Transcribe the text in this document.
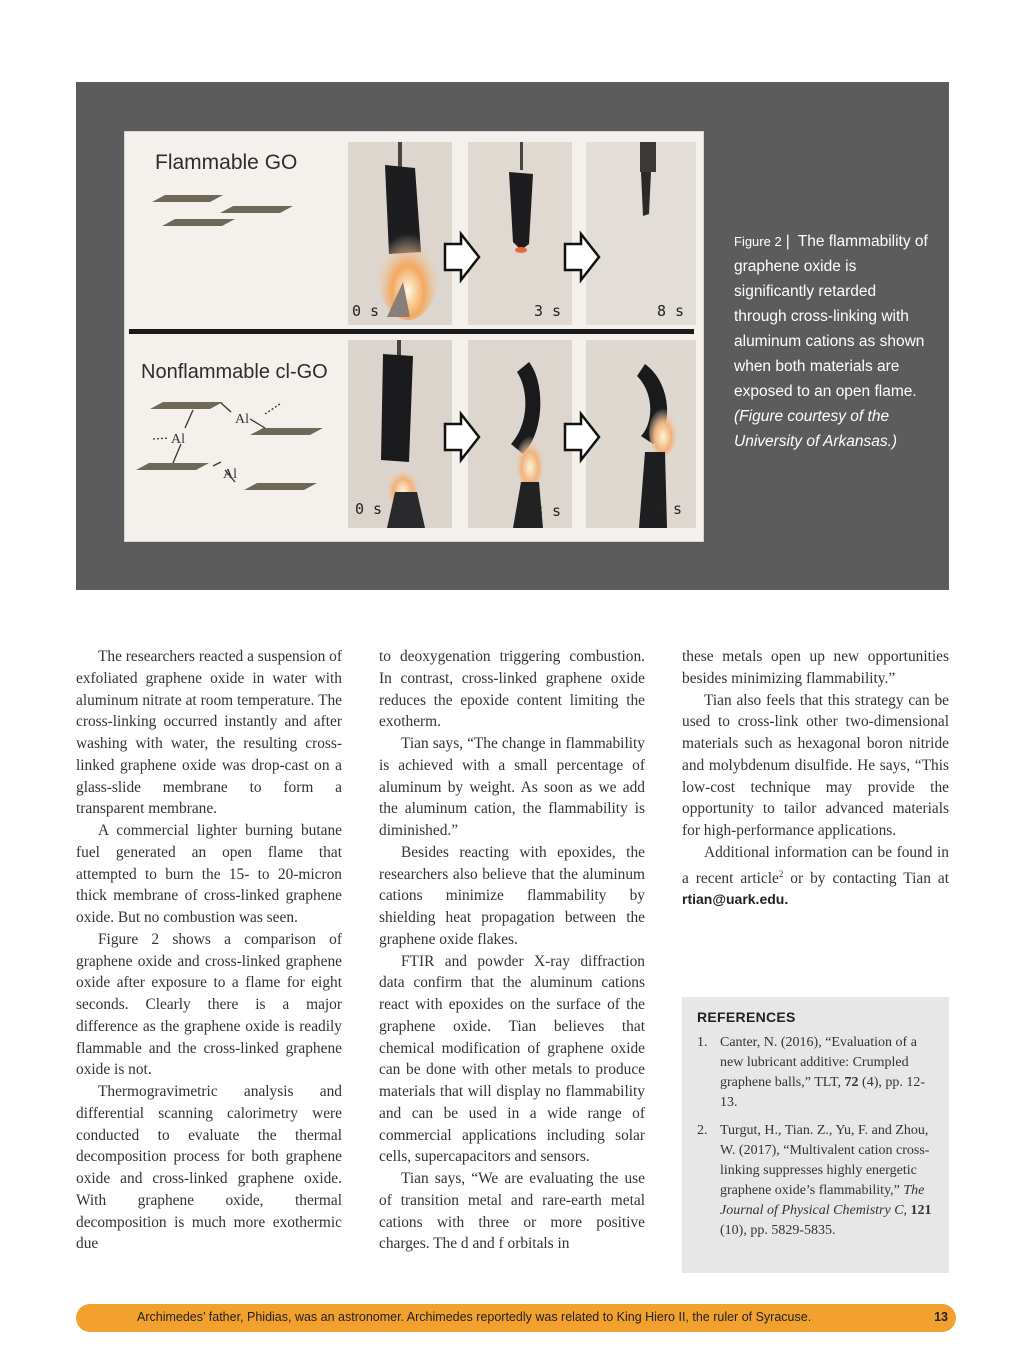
Flammable GO
Nonflammable cl-GO
Al
Al
Al
0 s	3 s	8 s
0 s	3 s	8 s
Figure 2 | The flammability of graphene oxide is significantly retarded through cross-linking with aluminum cations as shown when both materials are exposed to an open flame. (Figure courtesy of the University of Arkansas.)

The researchers reacted a suspension of exfoliated graphene oxide in water with aluminum nitrate at room temperature. The cross-linking occurred instantly and after washing with water, the resulting cross-linked graphene oxide was drop-cast on a glass-slide membrane to form a transparent membrane.

A commercial lighter burning butane fuel generated an open flame that attempted to burn the 15- to 20-micron thick membrane of cross-linked graphene oxide. But no combustion was seen.

Figure 2 shows a comparison of graphene oxide and cross-linked graphene oxide after exposure to a flame for eight seconds. Clearly there is a major difference as the graphene oxide is readily flammable and the cross-linked graphene oxide is not.

Thermogravimetric analysis and differential scanning calorimetry were conducted to evaluate the thermal decomposition process for both graphene oxide and cross-linked graphene oxide. With graphene oxide, thermal decomposition is much more exothermic due

to deoxygenation triggering combustion. In contrast, cross-linked graphene oxide reduces the epoxide content limiting the exotherm.

Tian says, “The change in flammability is achieved with a small percentage of aluminum by weight. As soon as we add the aluminum cation, the flammability is diminished.”

Besides reacting with epoxides, the researchers also believe that the aluminum cations minimize flammability by shielding heat propagation between the graphene oxide flakes.

FTIR and powder X-ray diffraction data confirm that the aluminum cations react with epoxides on the surface of the graphene oxide. Tian believes that chemical modification of graphene oxide can be done with other metals to produce materials that will display no flammability and can be used in a wide range of commercial applications including solar cells, supercapacitors and sensors.

Tian says, “We are evaluating the use of transition metal and rare-earth metal cations with three or more positive charges. The d and f orbitals in

these metals open up new opportunities besides minimizing flammability.”

Tian also feels that this strategy can be used to cross-link other two-dimensional materials such as hexagonal boron nitride and molybdenum disulfide. He says, “This low-cost technique may provide the opportunity to tailor advanced materials for high-performance applications.

Additional information can be found in a recent article$^2$ or by contacting Tian at rtian@uark.edu.

REFERENCES
1. Canter, N. (2016), “Evaluation of a new lubricant additive: Crumpled graphene balls,” TLT, 72 (4), pp. 12-13.
2. Turgut, H., Tian. Z., Yu, F. and Zhou, W. (2017), “Multivalent cation cross-linking suppresses highly energetic graphene oxide’s flammability,” The Journal of Physical Chemistry C, 121 (10), pp. 5829-5835.
Archimedes’ father, Phidias, was an astronomer. Archimedes reportedly was related to King Hiero II, the ruler of Syracuse.	13
